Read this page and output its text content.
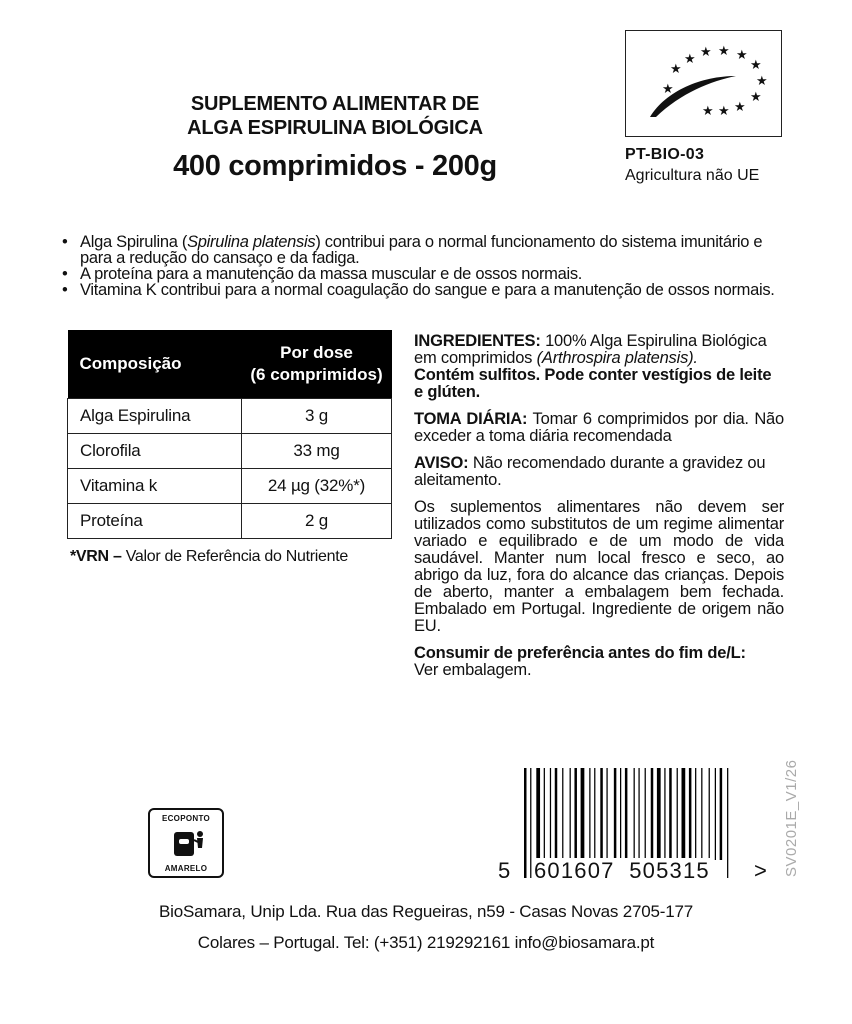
SUPLEMENTO ALIMENTAR DE
ALGA ESPIRULINA BIOLÓGICA
400 comprimidos - 200g
★
★ ★ ★ ★
★
★
★
★
★
★
★
PT-BIO-03
Agricultura não UE

• Alga Spirulina (Spirulina platensis) contribui para o normal funcionamento do sistema imunitário e para a redução do cansaço e da fadiga.

• A proteína para a manutenção da massa muscular e de ossos normais.

• Vitamina K contribui para a normal coagulação do sangue e para a manutenção de ossos normais.

Composição	Por dose
(6 comprimidos)

Alga Espirulina	3 g
Clorofila	33 mg
Vitamina k	24 µg (32%*)
Proteína	2 g
*VRN – Valor de Referência do Nutriente

INGREDIENTES: 100% Alga Espirulina Biológica em comprimidos (Arthrospira platensis).
Contém sulfitos. Pode conter vestígios de leite e glúten.

TOMA DIÁRIA: Tomar 6 comprimidos por dia. Não exceder a toma diária recomendada

AVISO: Não recomendado durante a gravidez ou aleitamento.

Os suplementos alimentares não devem ser utilizados como substitutos de um regime alimentar variado e equilibrado e de um modo de vida saudável. Manter num local fresco e seco, ao abrigo da luz, fora do alcance das crianças. Depois de aberto, manter a embalagem bem fechada. Embalado em Portugal. Ingrediente de origem não EU.

Consumir de preferência antes do fim de/L:
Ver embalagem.

ECOPONTO
AMARELO	5 601607  505315 > SV0201E_V1/26
BioSamara, Unip Lda. Rua das Regueiras, n59 - Casas Novas 2705-177
Colares – Portugal. Tel: (+351) 219292161 info@biosamara.pt
